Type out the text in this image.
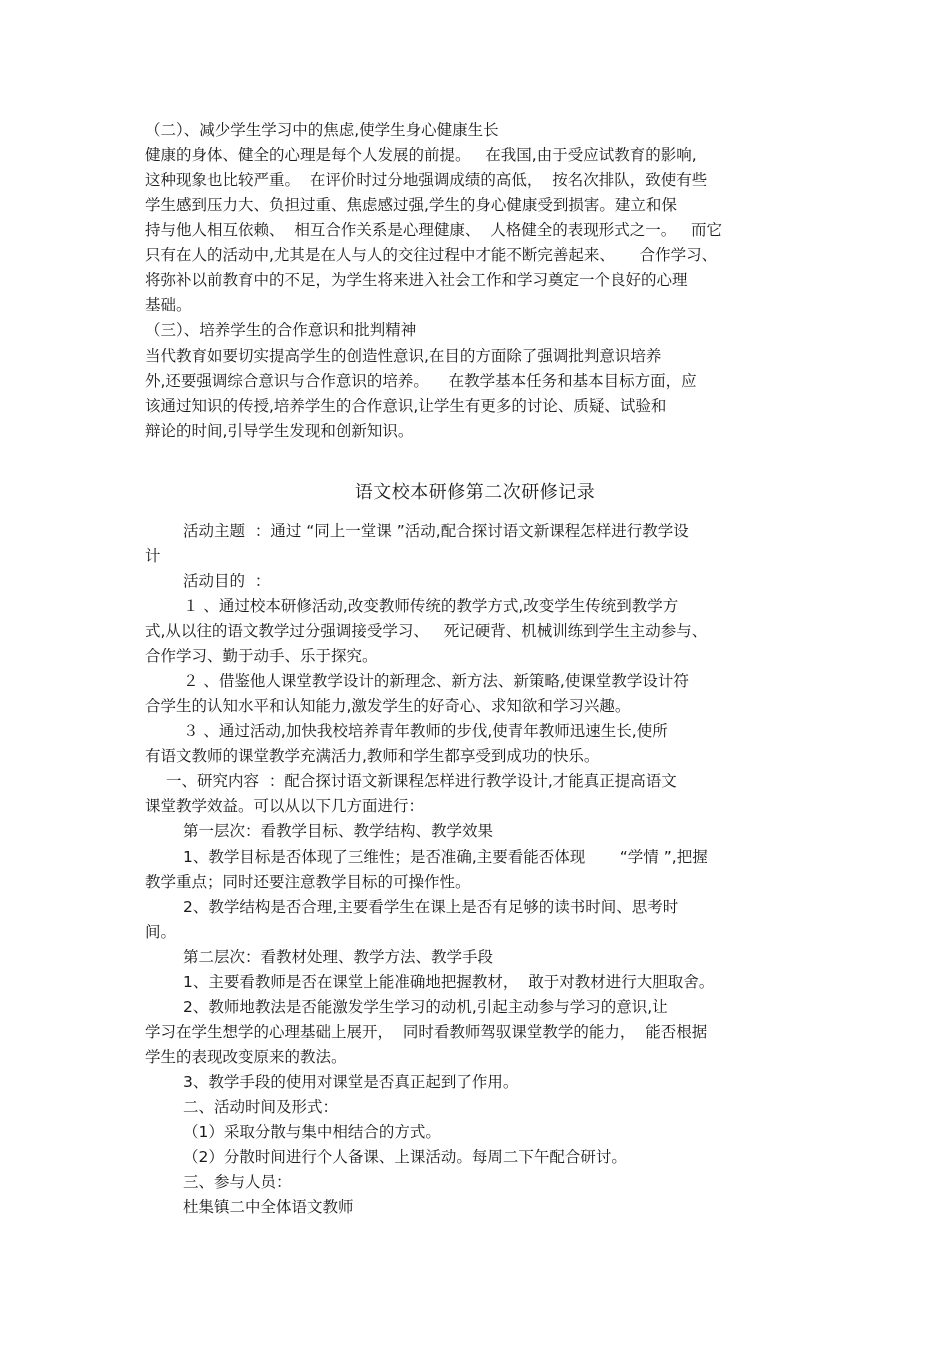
（二）、减少学生学习中的焦虑,使学生身心健康生长
健康的身体、健全的心理是每个人发展的前提。   在我国,由于受应试教育的影响,
这种现象也比较严重。  在评价时过分地强调成绩的高低，  按名次排队，致使有些
学生感到压力大、负担过重、焦虑感过强,学生的身心健康受到损害。建立和保
持与他人相互依赖、  相互合作关系是心理健康、  人格健全的表现形式之一。   而它
只有在人的活动中,尤其是在人与人的交往过程中才能不断完善起来、     合作学习、
将弥补以前教育中的不足，为学生将来进入社会工作和学习奠定一个良好的心理
基础。
（三）、培养学生的合作意识和批判精神
当代教育如要切实提高学生的创造性意识,在目的方面除了强调批判意识培养
外,还要强调综合意识与合作意识的培养。    在教学基本任务和基本目标方面，应
该通过知识的传授,培养学生的合作意识,让学生有更多的讨论、质疑、试验和
辩论的时间,引导学生发现和创新知识。
语文校本研修第二次研修记录
活动主题  ：通过 “同上一堂课 ”活动,配合探讨语文新课程怎样进行教学设
计
活动目的  ：
１ 、通过校本研修活动,改变教师传统的教学方式,改变学生传统到教学方
式,从以往的语文教学过分强调接受学习、   死记硬背、机械训练到学生主动参与、
合作学习、勤于动手、乐于探究。
２ 、借鉴他人课堂教学设计的新理念、新方法、新策略,使课堂教学设计符
合学生的认知水平和认知能力,激发学生的好奇心、求知欲和学习兴趣。
３ 、通过活动,加快我校培养青年教师的步伐,使青年教师迅速生长,使所
有语文教师的课堂教学充满活力,教师和学生都享受到成功的快乐。
一、研究内容  ：配合探讨语文新课程怎样进行教学设计,才能真正提高语文
课堂教学效益。可以从以下几方面进行：
第一层次：看教学目标、教学结构、教学效果
1、教学目标是否体现了三维性；是否准确,主要看能否体现       “学情 ”,把握
教学重点；同时还要注意教学目标的可操作性。
2、教学结构是否合理,主要看学生在课上是否有足够的读书时间、思考时
间。
第二层次：看教材处理、教学方法、教学手段
1、主要看教师是否在课堂上能准确地把握教材，  敢于对教材进行大胆取舍。
2、教师地教法是否能激发学生学习的动机,引起主动参与学习的意识,让
学习在学生想学的心理基础上展开，  同时看教师驾驭课堂教学的能力，  能否根据
学生的表现改变原来的教法。
3、教学手段的使用对课堂是否真正起到了作用。
二、活动时间及形式：
（1）采取分散与集中相结合的方式。
（2）分散时间进行个人备课、上课活动。每周二下午配合研讨。
三、参与人员：
杜集镇二中全体语文教师
